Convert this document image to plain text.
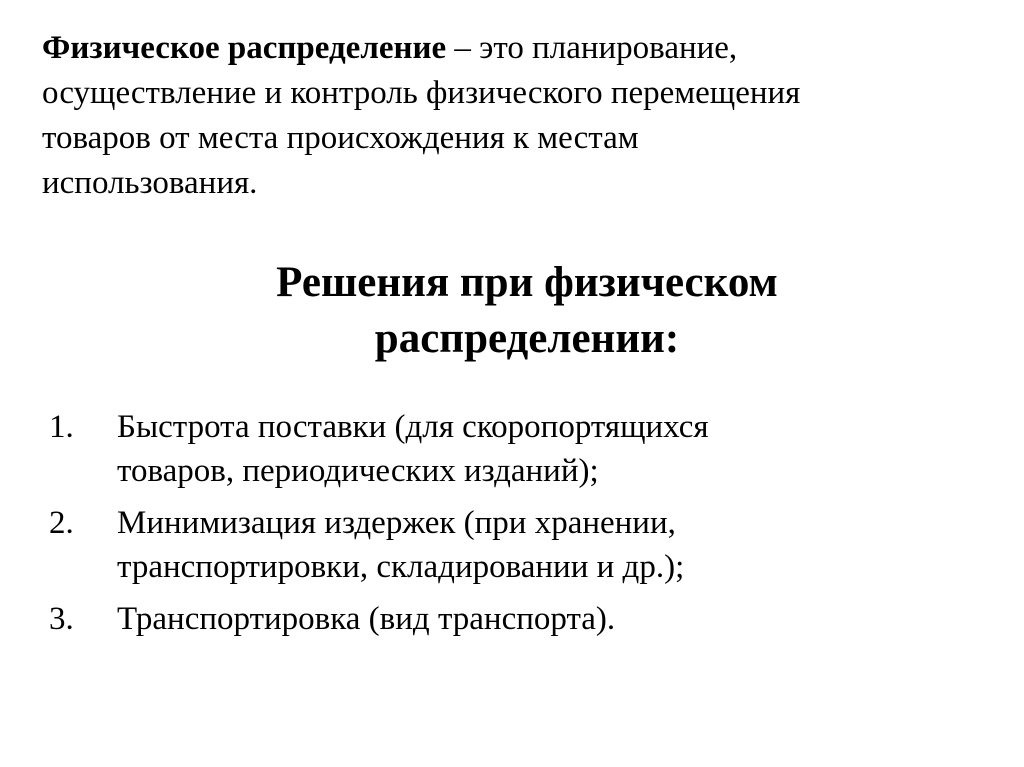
Физическое распределение – это планирование,
осуществление и контроль физического перемещения
товаров от места происхождения к местам
использования.

Решения при физическом
распределении:
1. Быстрота поставки (для скоропортящихся
товаров, периодических изданий);
2. Минимизация издержек (при хранении,
транспортировки, складировании и др.);
3. Транспортировка (вид транспорта).
